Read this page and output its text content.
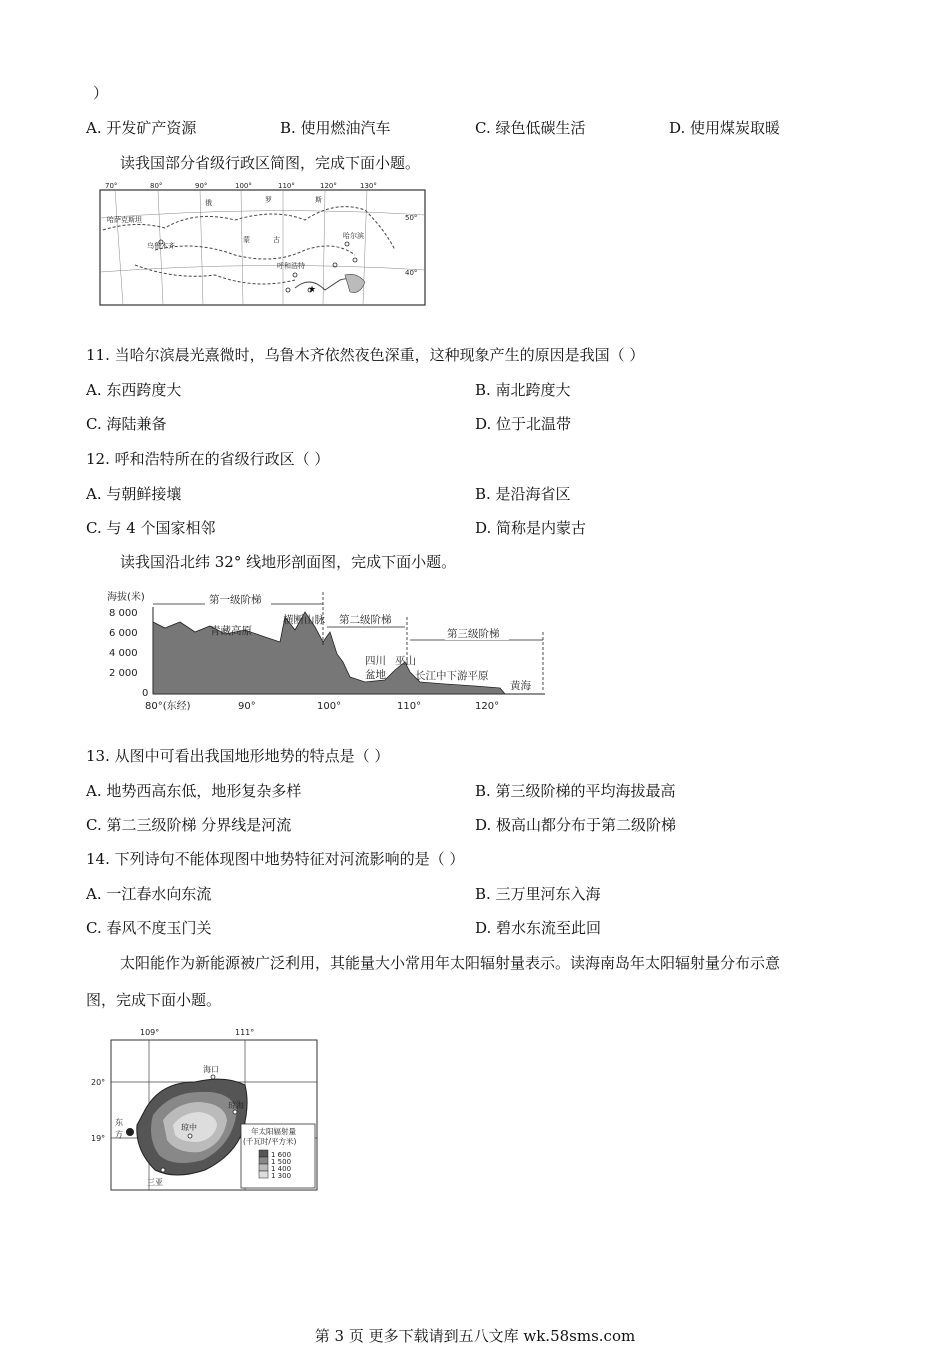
）
A. 开发矿产资源	B. 使用燃油汽车	C. 绿色低碳生活	D. 使用煤炭取暖
读我国部分省级行政区简图，完成下面小题。
70°	80°	90°	100°	110°	120°	130°
50°
40°
哈萨克斯坦
俄	罗	斯
蒙	古
乌鲁木齐
哈尔滨
呼和浩特
★
11. 当哈尔滨晨光熹微时，乌鲁木齐依然夜色深重，这种现象产生的原因是我国（ ）
A. 东西跨度大	B. 南北跨度大
C. 海陆兼备	D. 位于北温带
12. 呼和浩特所在的省级行政区（ ）
A. 与朝鲜接壤	B. 是沿海省区
C. 与 4 个国家相邻	D. 简称是内蒙古
读我国沿北纬 32° 线地形剖面图，完成下面小题。
海拔(米)
8 000
6 000
4 000
2 000
0
80°(东经)	90°	100°	110°	120°
第一级阶梯
第二级阶梯
第三级阶梯
青藏高原
横断山脉
四川
盆地
巫山
长江中下游平原
黄海
13. 从图中可看出我国地形地势的特点是（ ）
A. 地势西高东低，地形复杂多样	B. 第三级阶梯的平均海拔最高
C. 第二三级阶梯 分界线是河流	D. 极高山都分布于第二级阶梯
14. 下列诗句不能体现图中地势特征对河流影响的是（ ）
A. 一江春水向东流	B. 三万里河东入海
C. 春风不度玉门关	D. 碧水东流至此回
太阳能作为新能源被广泛利用，其能量大小常用年太阳辐射量表示。读海南岛年太阳辐射量分布示意
图，完成下面小题。
109°	111°
20°
19°
海口
琼海
琼中
东
方
三亚
年太阳辐射量
(千瓦时/平方米)
1 600
1 500
1 400
1 300
第 3 页 更多下载请到五八文库 wk.58sms.com
